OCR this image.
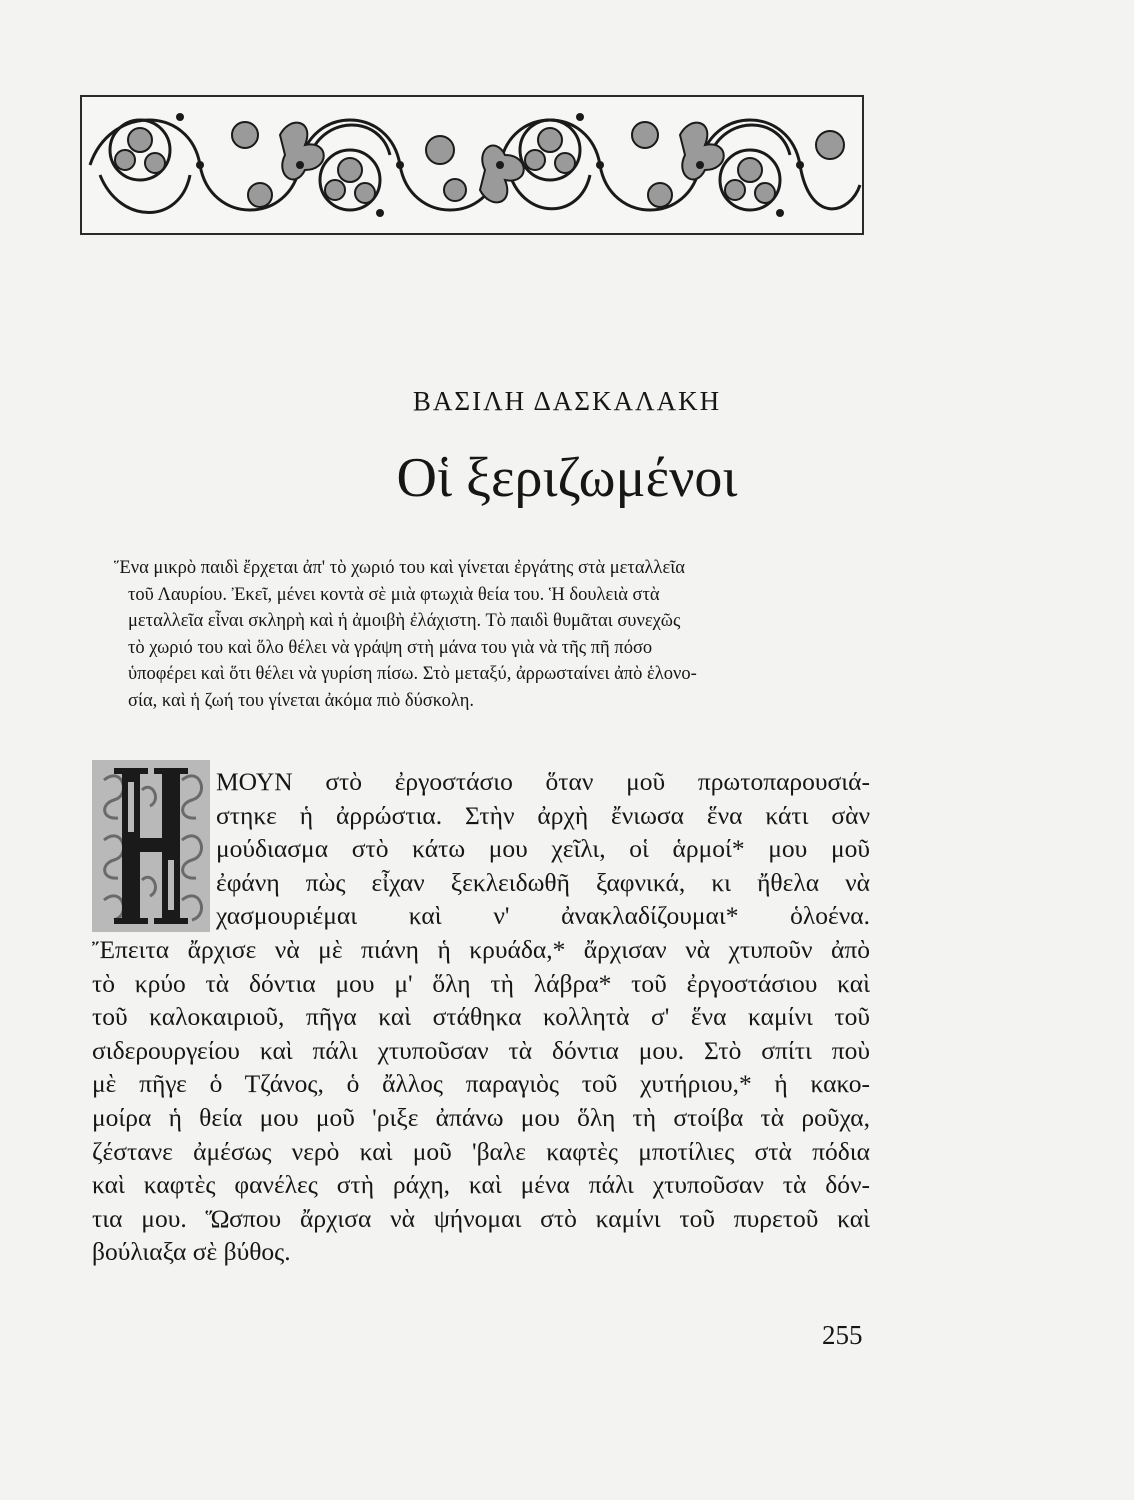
ΒΑΣΙΛΗ ΔΑΣΚΑΛΑΚΗ
Οἱ ξεριζωμένοι

Ἕνα μικρὸ παιδὶ ἔρχεται ἀπ' τὸ χωριό του καὶ γίνεται ἐργάτης στὰ μεταλλεῖα
τοῦ Λαυρίου. Ἐκεῖ, μένει κοντὰ σὲ μιὰ φτωχιὰ θεία του. Ἡ δουλειὰ στὰ
μεταλλεῖα εἶναι σκληρὴ καὶ ἡ ἀμοιβὴ ἐλάχιστη. Τὸ παιδὶ θυμᾶται συνεχῶς
τὸ χωριό του καὶ ὅλο θέλει νὰ γράψη στὴ μάνα του γιὰ νὰ τῆς πῆ πόσο
ὑποφέρει καὶ ὅτι θέλει νὰ γυρίση πίσω. Στὸ μεταξύ, ἀρρωσταίνει ἀπὸ ἑλονο-
σία, καὶ ἡ ζωή του γίνεται ἀκόμα πιὸ δύσκολη.

ΜΟΥΝ στὸ ἐργοστάσιο ὅταν μοῦ πρωτοπαρουσιά-
στηκε ἡ ἀρρώστια. Στὴν ἀρχὴ ἔνιωσα ἕνα κάτι σὰν
μούδιασμα στὸ κάτω μου χεῖλι, οἱ ἁρμοί* μου μοῦ
ἐφάνη πὼς εἶχαν ξεκλειδωθῆ ξαφνικά, κι ἤθελα νὰ
χασμουριέμαι καὶ ν' ἀνακλαδίζουμαι* ὁλοένα.
Ἔπειτα ἄρχισε νὰ μὲ πιάνη ἡ κρυάδα,* ἄρχισαν νὰ χτυποῦν ἀπὸ
τὸ κρύο τὰ δόντια μου μ' ὅλη τὴ λάβρα* τοῦ ἐργοστάσιου καὶ
τοῦ καλοκαιριοῦ, πῆγα καὶ στάθηκα κολλητὰ σ' ἕνα καμίνι τοῦ
σιδερουργείου καὶ πάλι χτυποῦσαν τὰ δόντια μου. Στὸ σπίτι ποὺ
μὲ πῆγε ὁ Τζάνος, ὁ ἄλλος παραγιὸς τοῦ χυτήριου,* ἡ κακο-
μοίρα ἡ θεία μου μοῦ 'ριξε ἀπάνω μου ὅλη τὴ στοίβα τὰ ροῦχα,
ζέστανε ἀμέσως νερὸ καὶ μοῦ 'βαλε καφτὲς μποτίλιες στὰ πόδια
καὶ καφτὲς φανέλες στὴ ράχη, καὶ μένα πάλι χτυποῦσαν τὰ δόν-
τια μου. Ὥσπου ἄρχισα νὰ ψήνομαι στὸ καμίνι τοῦ πυρετοῦ καὶ
βούλιαξα σὲ βύθος.

255
